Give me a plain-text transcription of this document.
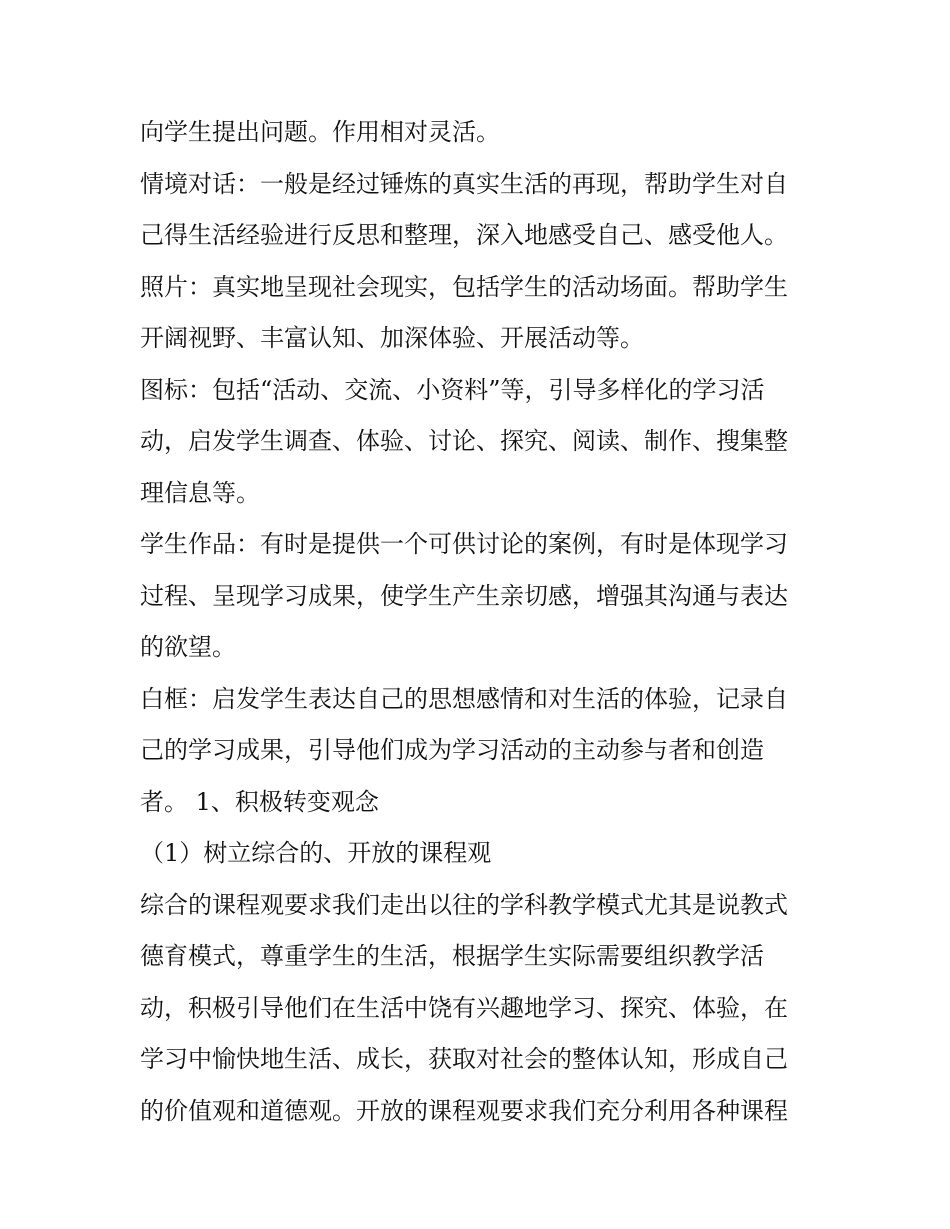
向学生提出问题。作用相对灵活。
情境对话：一般是经过锤炼的真实生活的再现，帮助学生对自
己得生活经验进行反思和整理，深入地感受自己、感受他人。
照片：真实地呈现社会现实，包括学生的活动场面。帮助学生
开阔视野、丰富认知、加深体验、开展活动等。
图标：包括“活动、交流、小资料”等，引导多样化的学习活
动，启发学生调查、体验、讨论、探究、阅读、制作、搜集整
理信息等。
学生作品：有时是提供一个可供讨论的案例，有时是体现学习
过程、呈现学习成果，使学生产生亲切感，增强其沟通与表达
的欲望。
白框：启发学生表达自己的思想感情和对生活的体验，记录自
己的学习成果，引导他们成为学习活动的主动参与者和创造
者。 1、积极转变观念
（1）树立综合的、开放的课程观
综合的课程观要求我们走出以往的学科教学模式尤其是说教式
德育模式，尊重学生的生活，根据学生实际需要组织教学活
动，积极引导他们在生活中饶有兴趣地学习、探究、体验，在
学习中愉快地生活、成长，获取对社会的整体认知，形成自己
的价值观和道德观。开放的课程观要求我们充分利用各种课程
